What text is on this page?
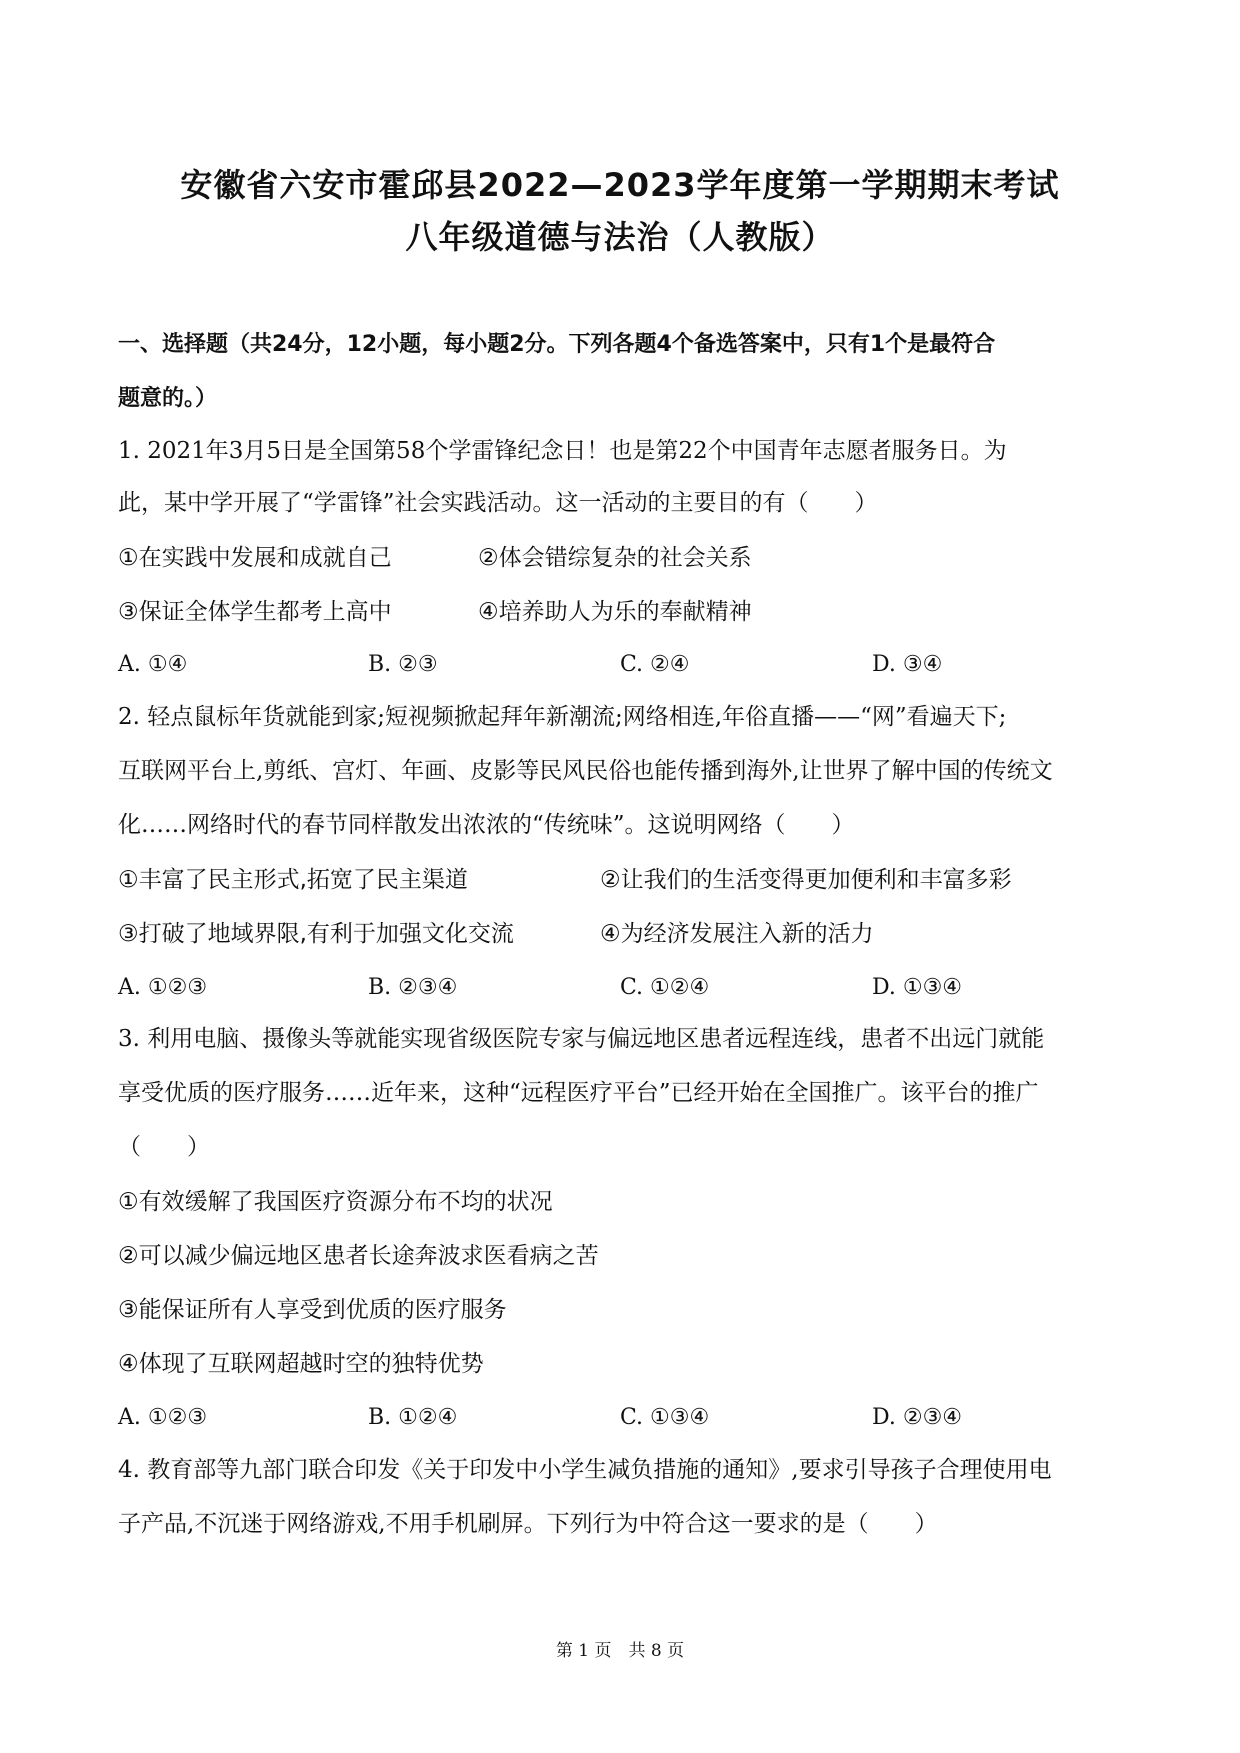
安徽省六安市霍邱县2022—2023学年度第一学期期末考试
八年级道德与法治（人教版）
一、选择题（共24分，12小题，每小题2分。下列各题4个备选答案中，只有1个是最符合
题意的。）
1. 2021年3月5日是全国第58个学雷锋纪念日！也是第22个中国青年志愿者服务日。为
此，某中学开展了“学雷锋”社会实践活动。这一活动的主要目的有（　　）
①在实践中发展和成就自己	②体会错综复杂的社会关系
③保证全体学生都考上高中	④培养助人为乐的奉献精神
A. ①④	B. ②③	C. ②④	D. ③④
2. 轻点鼠标年货就能到家;短视频掀起拜年新潮流;网络相连,年俗直播——“网”看遍天下;
互联网平台上,剪纸、宫灯、年画、皮影等民风民俗也能传播到海外,让世界了解中国的传统文
化……网络时代的春节同样散发出浓浓的“传统味”。这说明网络（　　）
①丰富了民主形式,拓宽了民主渠道	②让我们的生活变得更加便利和丰富多彩
③打破了地域界限,有利于加强文化交流	④为经济发展注入新的活力
A. ①②③	B. ②③④	C. ①②④	D. ①③④
3. 利用电脑、摄像头等就能实现省级医院专家与偏远地区患者远程连线，患者不出远门就能
享受优质的医疗服务……近年来，这种“远程医疗平台”已经开始在全国推广。该平台的推广
（　　）
①有效缓解了我国医疗资源分布不均的状况
②可以减少偏远地区患者长途奔波求医看病之苦
③能保证所有人享受到优质的医疗服务
④体现了互联网超越时空的独特优势
A. ①②③	B. ①②④	C. ①③④	D. ②③④
4. 教育部等九部门联合印发《关于印发中小学生减负措施的通知》,要求引导孩子合理使用电
子产品,不沉迷于网络游戏,不用手机刷屏。下列行为中符合这一要求的是（　　）
第 1 页　共 8 页
